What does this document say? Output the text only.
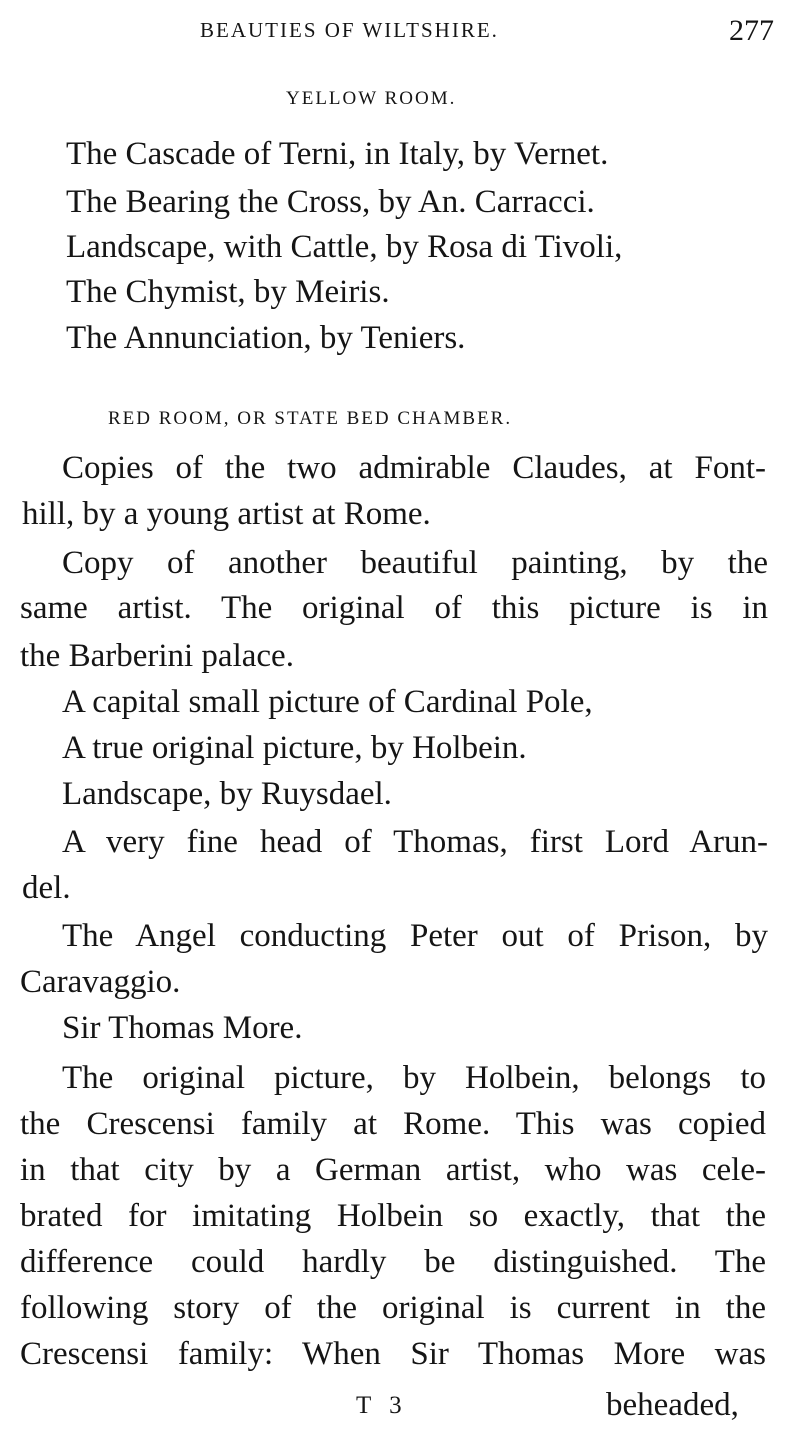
BEAUTIES OF WILTSHIRE.	277
YELLOW ROOM.
The Cascade of Terni, in Italy, by Vernet.
The Bearing the Cross, by An. Carracci.
Landscape, with Cattle, by Rosa di Tivoli,
The Chymist, by Meiris.
The Annunciation, by Teniers.
RED ROOM, OR STATE BED CHAMBER.
Copies of the two admirable Claudes, at Font-
hill, by a young artist at Rome.
Copy of another beautiful painting, by the
same artist. The original of this picture is in
the Barberini palace.
A capital small picture of Cardinal Pole,
A true original picture, by Holbein.
Landscape, by Ruysdael.
A very fine head of Thomas, first Lord Arun-
del.
The Angel conducting Peter out of Prison, by
Caravaggio.
Sir Thomas More.
The original picture, by Holbein, belongs to
the Crescensi family at Rome. This was copied
in that city by a German artist, who was cele-
brated for imitating Holbein so exactly, that the
difference could hardly be distinguished. The
following story of the original is current in the
Crescensi family: When Sir Thomas More was
T 3	beheaded,
